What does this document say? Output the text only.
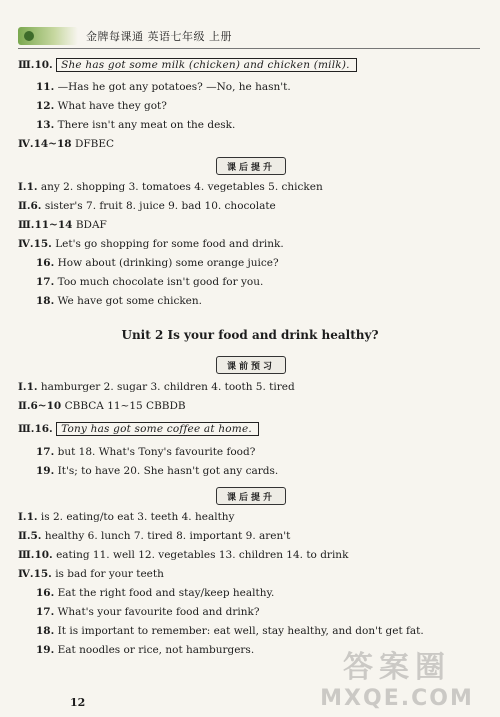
金牌每课通 英语七年级 上册
Ⅲ.10. She has got some milk (chicken) and chicken (milk).
11. —Has he got any potatoes? —No, he hasn't.
12. What have they got?
13. There isn't any meat on the desk.
Ⅳ.14~18 DFBEC
课后提升
Ⅰ.1. any 2. shopping 3. tomatoes 4. vegetables 5. chicken
Ⅱ.6. sister's 7. fruit 8. juice 9. bad 10. chocolate
Ⅲ.11~14 BDAF
Ⅳ.15. Let's go shopping for some food and drink.
16. How about (drinking) some orange juice?
17. Too much chocolate isn't good for you.
18. We have got some chicken.
Unit 2 Is your food and drink healthy?
课前预习
Ⅰ.1. hamburger 2. sugar 3. children 4. tooth 5. tired
Ⅱ.6~10 CBBCA 11~15 CBBDB
Ⅲ.16. Tony has got some coffee at home.
17. but 18. What's Tony's favourite food?
19. It's; to have 20. She hasn't got any cards.
课后提升
Ⅰ.1. is 2. eating/to eat 3. teeth 4. healthy
Ⅱ.5. healthy 6. lunch 7. tired 8. important 9. aren't
Ⅲ.10. eating 11. well 12. vegetables 13. children 14. to drink
Ⅳ.15. is bad for your teeth
16. Eat the right food and stay/keep healthy.
17. What's your favourite food and drink?
18. It is important to remember: eat well, stay healthy, and don't get fat.
19. Eat noodles or rice, not hamburgers.
12
答案圈
MXQE.COM
